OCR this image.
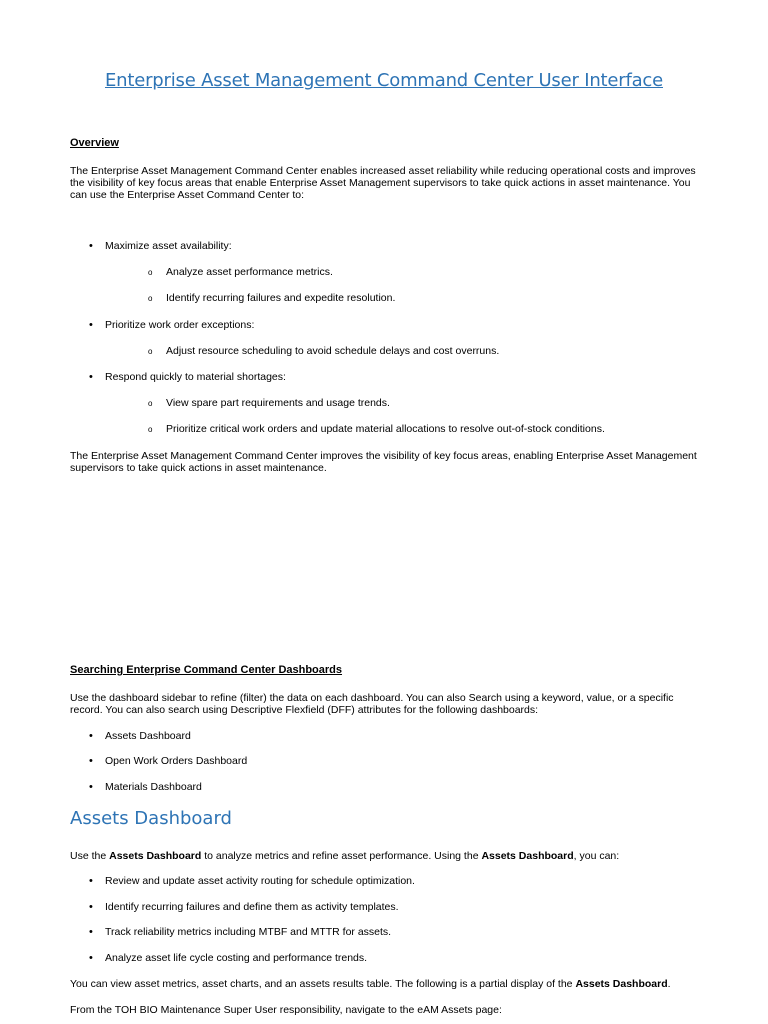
Enterprise Asset Management Command Center User Interface
Overview

The Enterprise Asset Management Command Center enables increased asset reliability while reducing operational costs and improves the visibility of key focus areas that enable Enterprise Asset Management supervisors to take quick actions in asset maintenance. You can use the Enterprise Asset Command Center to:

• Maximize asset availability:
o Analyze asset performance metrics.
o Identify recurring failures and expedite resolution.
• Prioritize work order exceptions:
o Adjust resource scheduling to avoid schedule delays and cost overruns.
• Respond quickly to material shortages:
o View spare part requirements and usage trends.
o Prioritize critical work orders and update material allocations to resolve out-of-stock conditions.

The Enterprise Asset Management Command Center improves the visibility of key focus areas, enabling Enterprise Asset Management supervisors to take quick actions in asset maintenance.

Searching Enterprise Command Center Dashboards

Use the dashboard sidebar to refine (filter) the data on each dashboard. You can also Search using a keyword, value, or a specific record. You can also search using Descriptive Flexfield (DFF) attributes for the following dashboards:

• Assets Dashboard
• Open Work Orders Dashboard
• Materials Dashboard
Assets Dashboard

Use the Assets Dashboard to analyze metrics and refine asset performance. Using the Assets Dashboard, you can:

• Review and update asset activity routing for schedule optimization.
• Identify recurring failures and define them as activity templates.
• Track reliability metrics including MTBF and MTTR for assets.
• Analyze asset life cycle costing and performance trends.

You can view asset metrics, asset charts, and an assets results table. The following is a partial display of the Assets Dashboard.

From the TOH BIO Maintenance Super User responsibility, navigate to the eAM Assets page:
